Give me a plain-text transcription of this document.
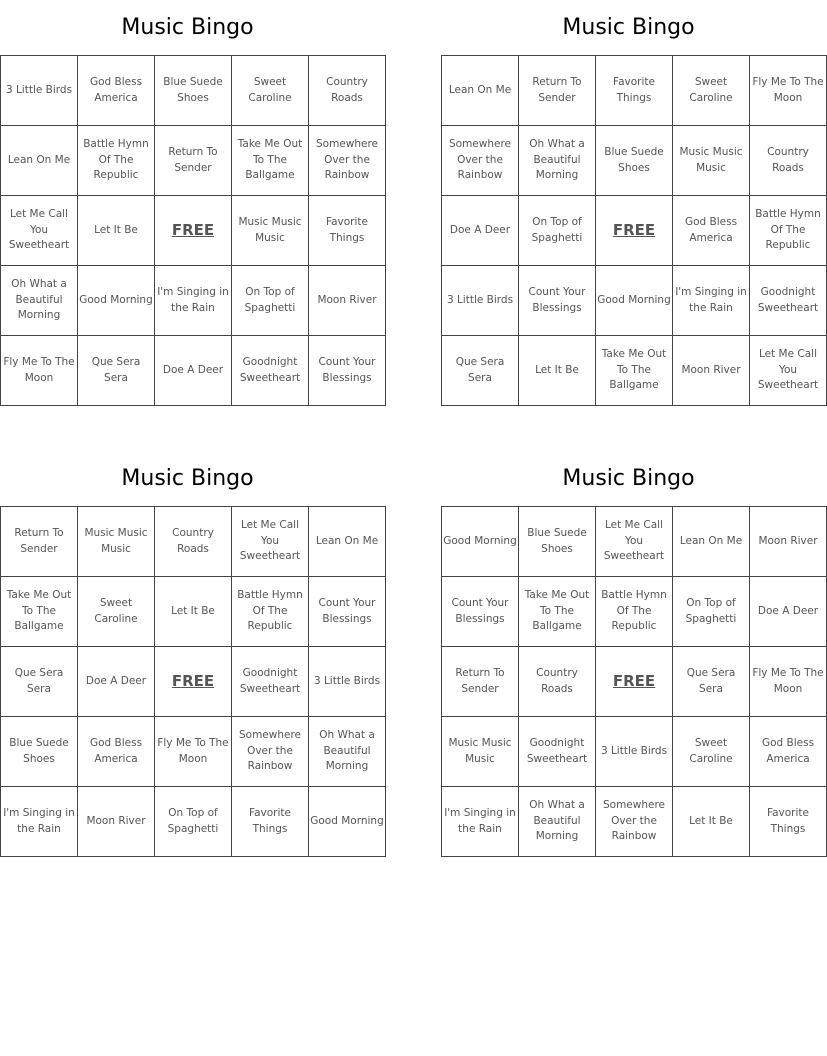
Music Bingo
3 Little Birds	God Bless America	Blue Suede Shoes	Sweet Caroline	Country Roads
Lean On Me	Battle Hymn Of The Republic	Return To Sender	Take Me Out To The Ballgame	Somewhere Over the Rainbow
Let Me Call You Sweetheart	Let It Be	FREE	Music Music Music	Favorite Things
Oh What a Beautiful Morning	Good Morning	I'm Singing in the Rain	On Top of Spaghetti	Moon River
Fly Me To The Moon	Que Sera Sera	Doe A Deer	Goodnight Sweetheart	Count Your Blessings
Music Bingo
Lean On Me	Return To Sender	Favorite Things	Sweet Caroline	Fly Me To The Moon
Somewhere Over the Rainbow	Oh What a Beautiful Morning	Blue Suede Shoes	Music Music Music	Country Roads
Doe A Deer	On Top of Spaghetti	FREE	God Bless America	Battle Hymn Of The Republic
3 Little Birds	Count Your Blessings	Good Morning	I'm Singing in the Rain	Goodnight Sweetheart
Que Sera Sera	Let It Be	Take Me Out To The Ballgame	Moon River	Let Me Call You Sweetheart
Music Bingo
Return To Sender	Music Music Music	Country Roads	Let Me Call You Sweetheart	Lean On Me
Take Me Out To The Ballgame	Sweet Caroline	Let It Be	Battle Hymn Of The Republic	Count Your Blessings
Que Sera Sera	Doe A Deer	FREE	Goodnight Sweetheart	3 Little Birds
Blue Suede Shoes	God Bless America	Fly Me To The Moon	Somewhere Over the Rainbow	Oh What a Beautiful Morning
I'm Singing in the Rain	Moon River	On Top of Spaghetti	Favorite Things	Good Morning
Music Bingo
Good Morning	Blue Suede Shoes	Let Me Call You Sweetheart	Lean On Me	Moon River
Count Your Blessings	Take Me Out To The Ballgame	Battle Hymn Of The Republic	On Top of Spaghetti	Doe A Deer
Return To Sender	Country Roads	FREE	Que Sera Sera	Fly Me To The Moon
Music Music Music	Goodnight Sweetheart	3 Little Birds	Sweet Caroline	God Bless America
I'm Singing in the Rain	Oh What a Beautiful Morning	Somewhere Over the Rainbow	Let It Be	Favorite Things
